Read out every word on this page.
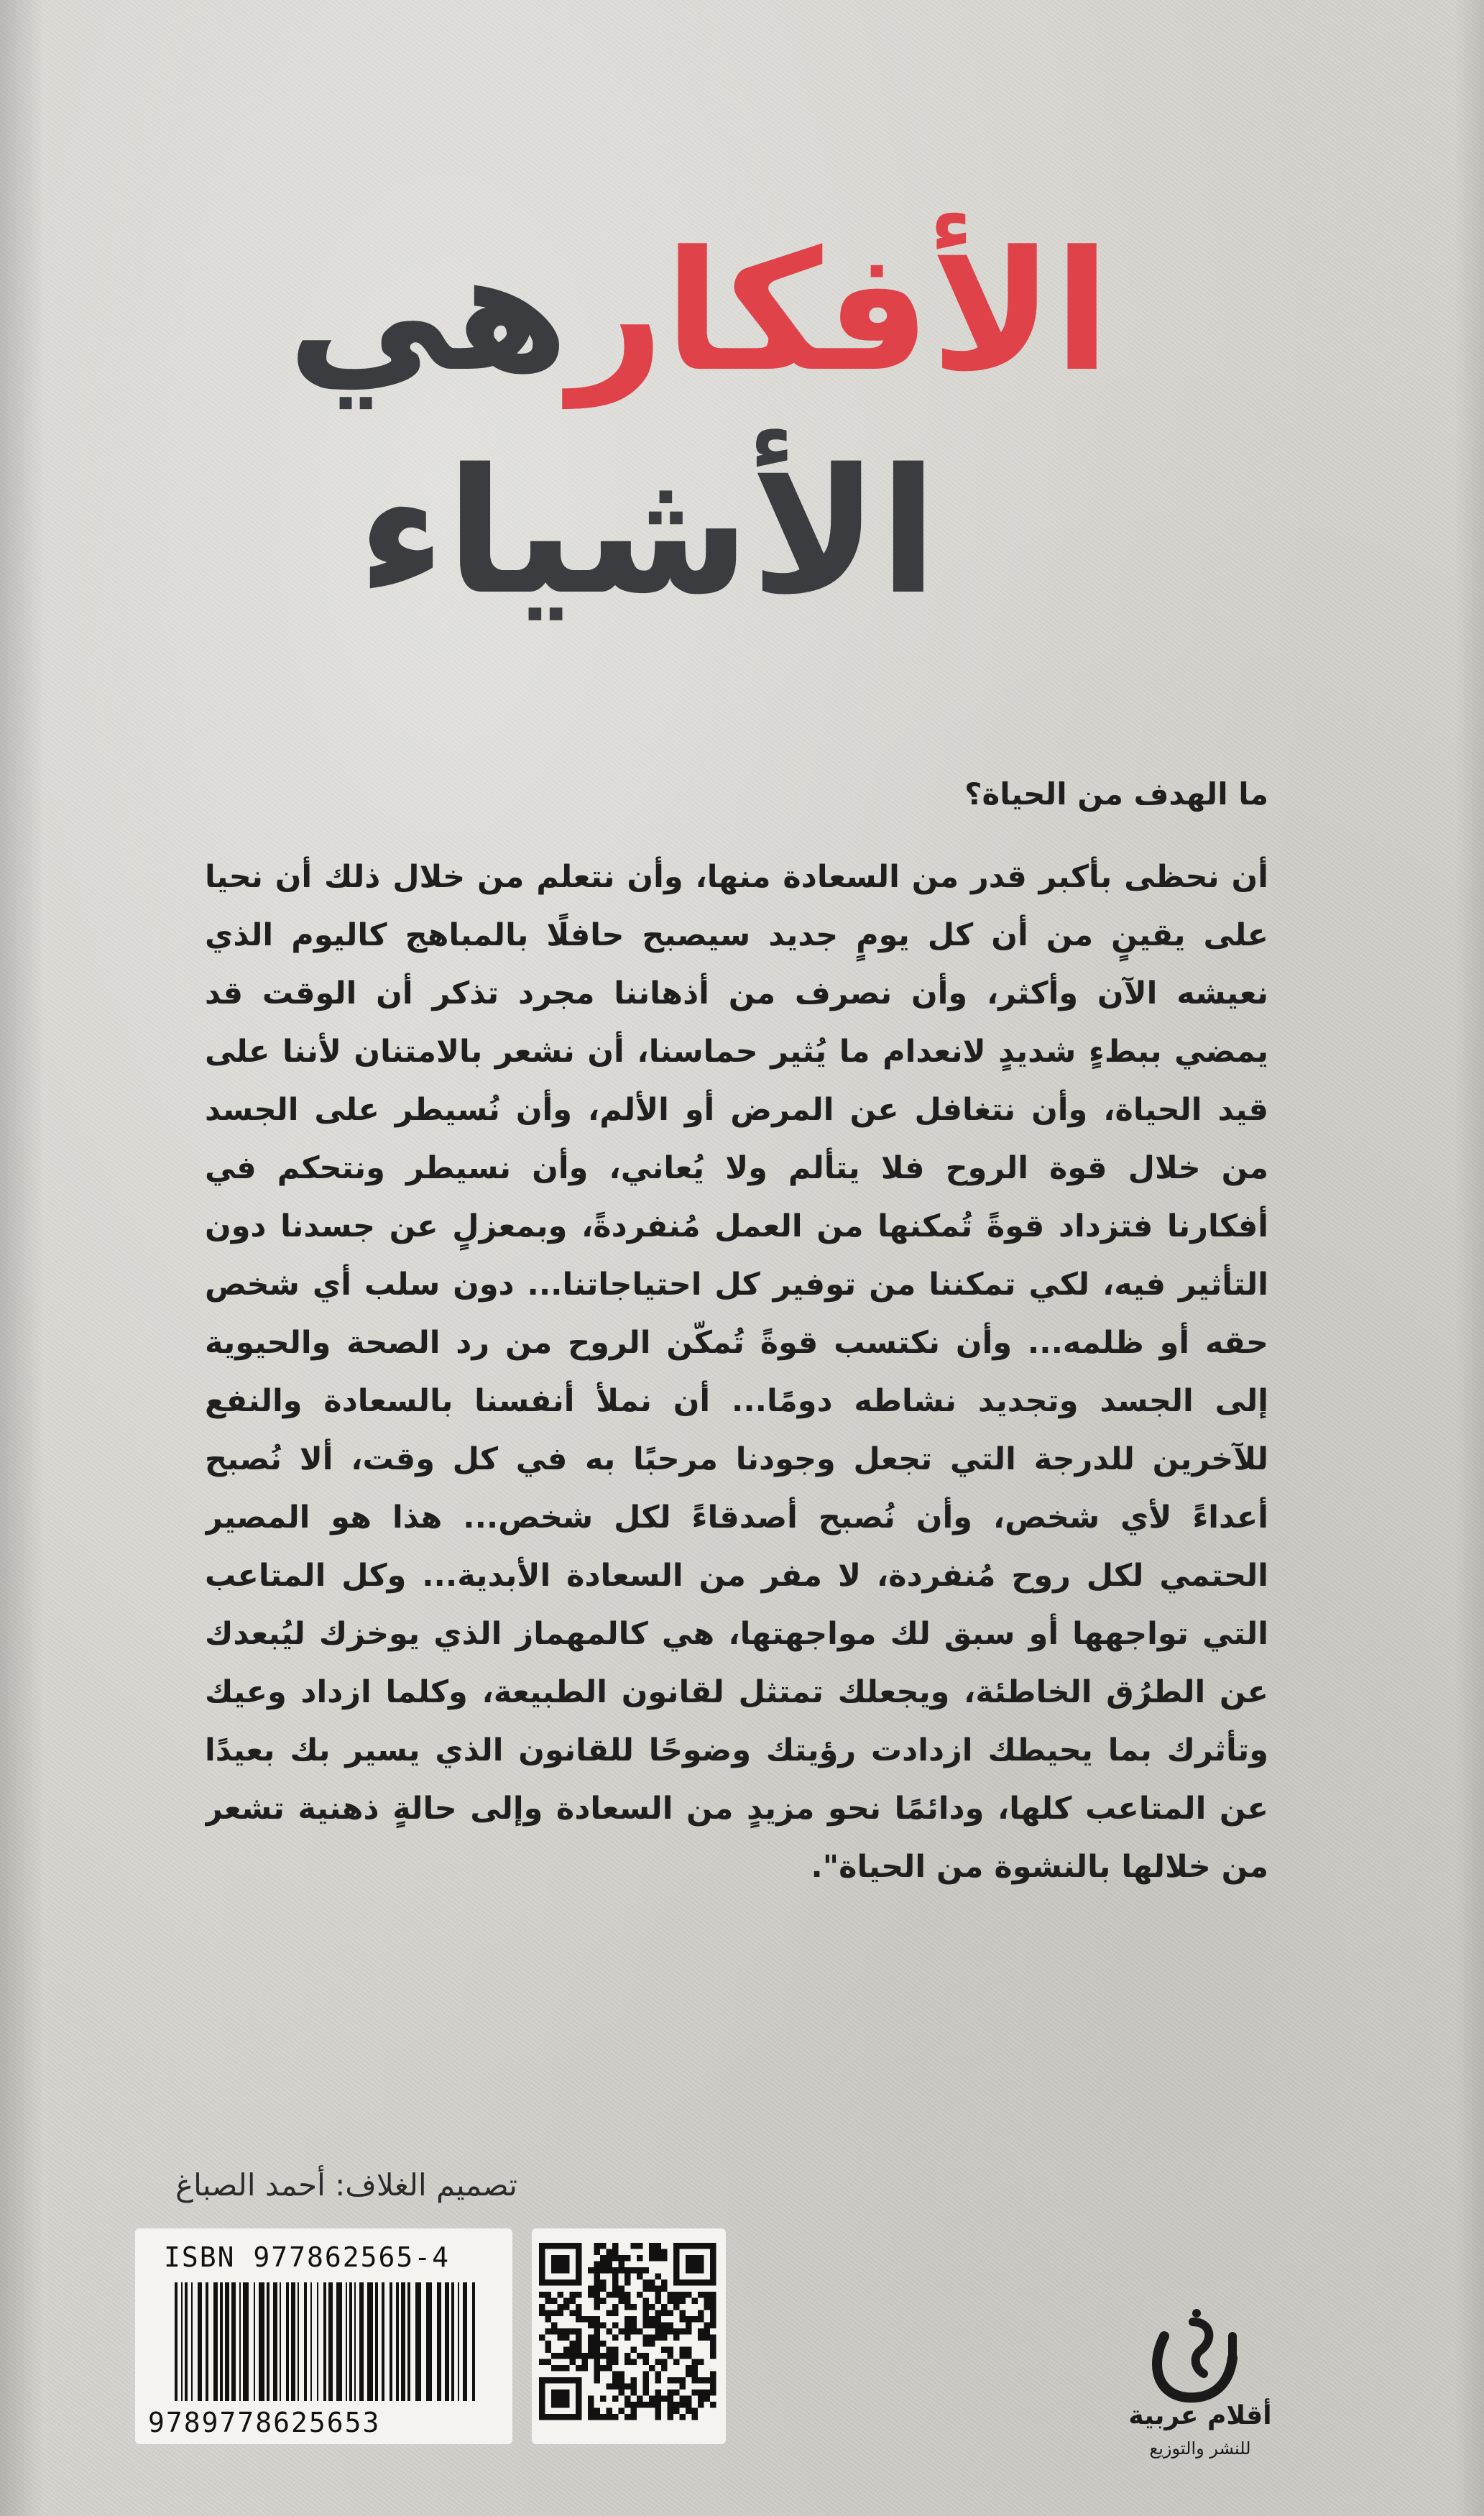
الأفكارهي
الأشياء
ما الهدف من الحياة؟
أن نحظى بأكبر قدر من السعادة منها، وأن نتعلم من خلال ذلك أن نحيا على يقينٍ من أن كل يومٍ جديد سيصبح حافلًا بالمباهج كاليوم الذي نعيشه الآن وأكثر، وأن نصرف من أذهاننا مجرد تذكر أن الوقت قد يمضي ببطءٍ شديدٍ لانعدام ما يُثير حماسنا، أن نشعر بالامتنان لأننا على قيد الحياة، وأن نتغافل عن المرض أو الألم، وأن نُسيطر على الجسد من خلال قوة الروح فلا يتألم ولا يُعاني، وأن نسيطر ونتحكم في أفكارنا فتزداد قوةً تُمكنها من العمل مُنفردةً، وبمعزلٍ عن جسدنا دون التأثير فيه، لكي تمكننا من توفير كل احتياجاتنا... دون سلب أي شخص حقه أو ظلمه... وأن نكتسب قوةً تُمكّن الروح من رد الصحة والحيوية إلى الجسد وتجديد نشاطه دومًا... أن نملأ أنفسنا بالسعادة والنفع للآخرين للدرجة التي تجعل وجودنا مرحبًا به في كل وقت، ألا نُصبح أعداءً لأي شخص، وأن نُصبح أصدقاءً لكل شخص... هذا هو المصير الحتمي لكل روح مُنفردة، لا مفر من السعادة الأبدية... وكل المتاعب التي تواجهها أو سبق لك مواجهتها، هي كالمهماز الذي يوخزك ليُبعدك عن الطرُق الخاطئة، ويجعلك تمتثل لقانون الطبيعة، وكلما ازداد وعيك وتأثرك بما يحيطك ازدادت رؤيتك وضوحًا للقانون الذي يسير بك بعيدًا عن المتاعب كلها، ودائمًا نحو مزيدٍ من السعادة وإلى حالةٍ ذهنية تشعر من خلالها بالنشوة من الحياة".
تصميم الغلاف: أحمد الصباغ
ISBN 977862565-4
9789778625653	أقلام عربية
للنشر والتوزيع
